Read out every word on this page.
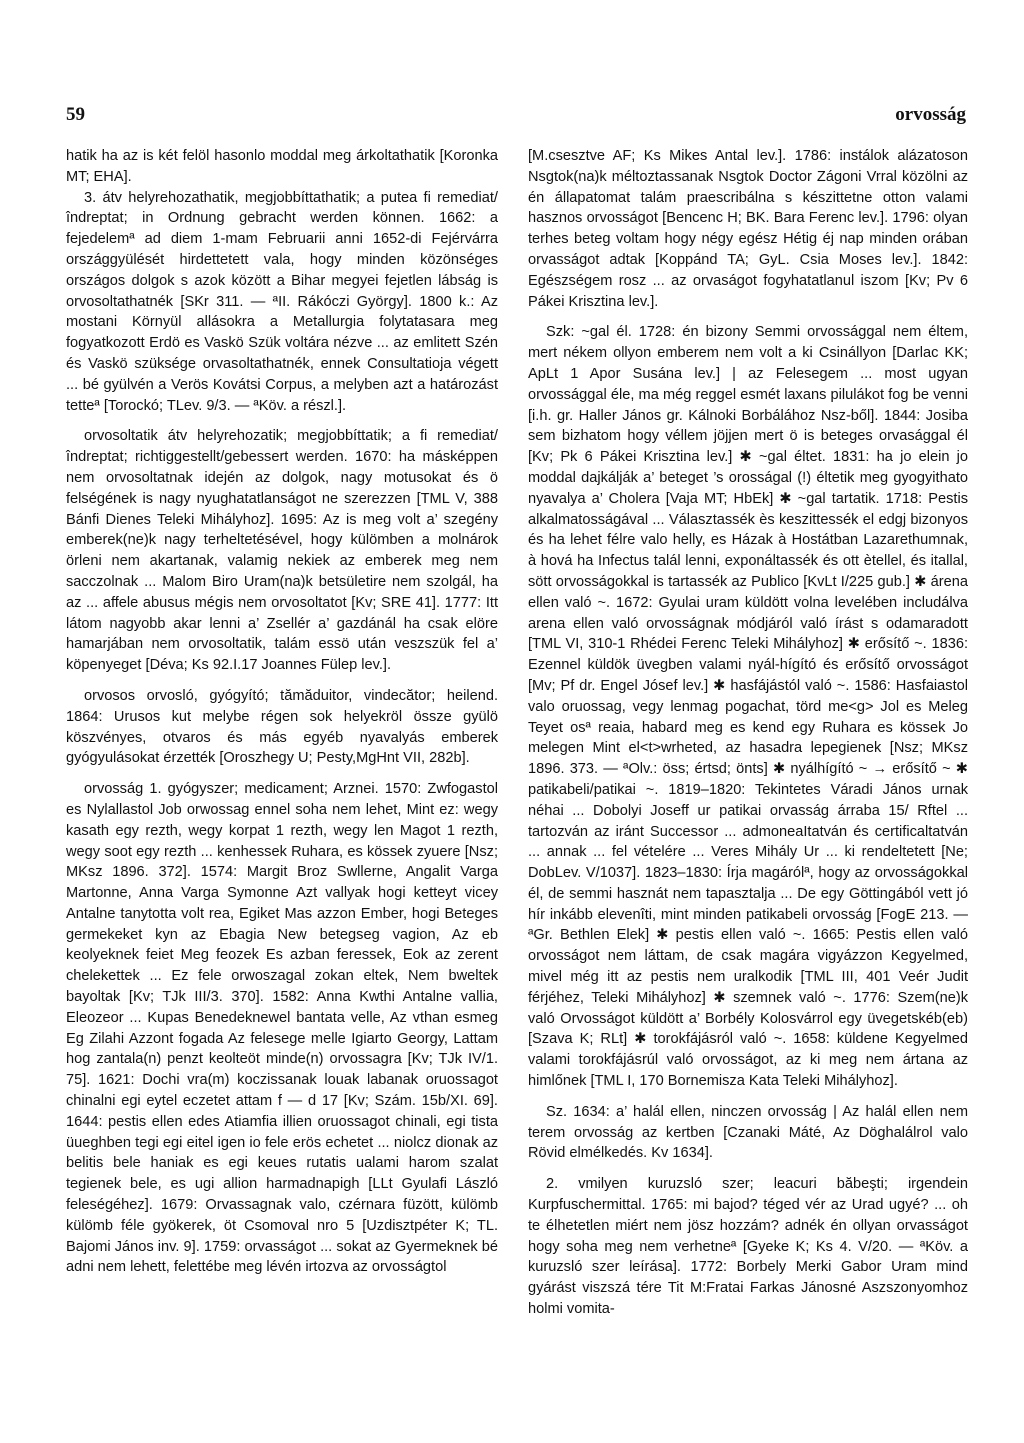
59	orvosság

hatik ha az is két felöl hasonlo moddal meg árkoltathatik [Koronka MT; EHA].

3. átv helyrehozathatik, megjobbíttathatik; a putea fi remediat/îndreptat; in Ordnung gebracht werden können. 1662: a fejedelemª ad diem 1-mam Februarii anni 1652-di Fejérvárra országgyülését hirdettetett vala, hogy minden közönséges országos dolgok s azok között a Bihar megyei fejetlen lábság is orvosoltathatnék [SKr 311. — ªII. Rákóczi György]. 1800 k.: Az mostani Környül allásokra a Metallurgia folytatasara meg fogyatkozott Erdö es Vaskö Szük voltára nézve ... az emlitett Szén és Vaskö szüksége orvasoltathatnék, ennek Consultatioja végett ... bé gyülvén a Verös Kovátsi Corpus, a melyben azt a határozást tetteª [Torockó; TLev. 9/3. — ªKöv. a részl.].

orvosoltatik átv helyrehozatik; megjobbíttatik; a fi remediat/îndreptat; richtiggestellt/gebessert werden. 1670: ha másképpen nem orvosoltatnak idején az dolgok, nagy motusokat és ö felségének is nagy nyughatatlanságot ne szerezzen [TML V, 388 Bánfi Dienes Teleki Mihályhoz]. 1695: Az is meg volt a’ szegény emberek(ne)k nagy terheltetésével, hogy külömben a molnárok örleni nem akartanak, valamig nekiek az emberek meg nem sacczolnak ... Malom Biro Uram(na)k betsületire nem szolgál, ha az ... affele abusus mégis nem orvosoltatot [Kv; SRE 41]. 1777: Itt látom nagyobb akar lenni a’ Zsellér a’ gazdánál ha csak elöre hamarjában nem orvosoltatik, talám essö után veszszük fel a’ köpenyeget [Déva; Ks 92.I.17 Joannes Fülep lev.].

orvosos orvosló, gyógyító; tămăduitor, vindecător; heilend. 1864: Urusos kut melybe régen sok helyekröl össze gyülö köszvényes, otvaros és más egyéb nyavalyás emberek gyógyulásokat érzették [Oroszhegy U; Pesty,MgHnt VII, 282b].

orvosság 1. gyógyszer; medicament; Arznei. 1570: Zwfogastol es Nylallastol Job orwossag ennel soha nem lehet, Mint ez: wegy kasath egy rezth, wegy korpat 1 rezth, wegy len Magot 1 rezth, wegy soot egy rezth ... kenhessek Ruhara, es kössek zyuere [Nsz; MKsz 1896. 372]. 1574: Margit Broz Swllerne, Angalit Varga Martonne, Anna Varga Symonne Azt vallyak hogi ketteyt vicey Antalne tanytotta volt rea, Egiket Mas azzon Ember, hogi Beteges germekeket kyn az Ebagia New betegseg vagion, Az eb keolyeknek feiet Meg feozek Es azban feressek, Eok az zerent chelekettek ... Ez fele orwoszagal zokan eltek, Nem bweltek bayoltak [Kv; TJk III/3. 370]. 1582: Anna Kwthi Antalne vallia, Eleozeor ... Kupas Benedeknewel bantata velle, Az vthan esmeg Eg Zilahi Azzont fogada Az felesege melle Igiarto Georgy, Lattam hog zantala(n) penzt keolteöt minde(n) orvossagra [Kv; TJk IV/1. 75]. 1621: Dochi vra(m) koczissanak louak labanak oruossagot chinalni egi eytel eczetet attam f — d 17 [Kv; Szám. 15b/XI. 69]. 1644: pestis ellen edes Atiamfia illien oruossagot chinali, egi tista üueghben tegi egi eitel igen io fele erös echetet ... niolcz dionak az belitis bele haniak es egi keues rutatis ualami harom szalat tegienek bele, es ugi allion harmadnapigh [LLt Gyulafi László feleségéhez]. 1679: Orvassagnak valo, czérnara füzött, külömb külömb féle gyökerek, öt Csomoval nro 5 [Uzdisztpéter K; TL. Bajomi János inv. 9]. 1759: orvasságot ... sokat az Gyermeknek bé adni nem lehett, felettébe meg lévén irtozva az orvosságtol

[M.csesztve AF; Ks Mikes Antal lev.]. 1786: instálok alázatoson Nsgtok(na)k méltoztassanak Nsgtok Doctor Zágoni Vrral közölni az én állapatomat talám praescribálna s készittetne otton valami hasznos orvosságot [Bencenc H; BK. Bara Ferenc lev.]. 1796: olyan terhes beteg voltam hogy négy egész Hétig éj nap minden orában orvasságot adtak [Koppánd TA; GyL. Csia Moses lev.]. 1842: Egészségem rosz ... az orvaságot fogyhatatlanul iszom [Kv; Pv 6 Pákei Krisztina lev.].

Szk: ~gal él. 1728: én bizony Semmi orvossággal nem éltem, mert nékem ollyon emberem nem volt a ki Csinállyon [Darlac KK; ApLt 1 Apor Susána lev.] | az Felesegem ... most ugyan orvossággal éle, ma még reggel esmét laxans pilulákot fog be venni [i.h. gr. Haller János gr. Kálnoki Borbálához Nsz-ből]. 1844: Josiba sem bizhatom hogy véllem jöjjen mert ö is beteges orvasággal él [Kv; Pk 6 Pákei Krisztina lev.] ✱ ~gal éltet. 1831: ha jo elein jo moddal dajkálják a’ beteget ’s orosságal (!) éltetik meg gyogyithato nyavalya a’ Cholera [Vaja MT; HbEk] ✱ ~gal tartatik. 1718: Pestis alkalmatosságával ... Választassék ès keszittessék el edgj bizonyos és ha lehet félre valo helly, es Házak à Hostátban Lazarethumnak, à hová ha Infectus talál lenni, exponáltassék és ott ètellel, és itallal, sött orvosságokkal is tartassék az Publico [KvLt I/225 gub.] ✱ árena ellen való ~. 1672: Gyulai uram küldött volna levelében includálva arena ellen való orvosságnak módjáról való írást s odamaradott [TML VI, 310-1 Rhédei Ferenc Teleki Mihályhoz] ✱ erősítő ~. 1836: Ezennel küldök üvegben valami nyál-hígító és erősítő orvosságot [Mv; Pf dr. Engel Jósef lev.] ✱ hasfájástól való ~. 1586: Hasfaiastol valo oruossag, vegy lenmag pogachat, törd me<g> Jol es Meleg Teyet osª reaia, habard meg es kend egy Ruhara es kössek Jo melegen Mint el<t>wrheted, az hasadra lepegienek [Nsz; MKsz 1896. 373. — ªOlv.: öss; értsd; önts] ✱ nyálhígító ~ → erősítő ~ ✱ patikabeli/patikai ~. 1819–1820: Tekintetes Váradi János urnak néhai ... Dobolyi Joseff ur patikai orvasság árraba 15/ Rftel ... tartozván az iránt Successor ... admoneaItatván és certificaltatván ... annak ... fel vételére ... Veres Mihály Ur ... ki rendeltetett [Ne; DobLev. V/1037]. 1823–1830: Írja magárólª, hogy az orvosságokkal él, de semmi hasznát nem tapasztalja ... De egy Göttingából vett jó hír inkább elevenîti, mint minden patikabeli orvosság [FogE 213. — ªGr. Bethlen Elek] ✱ pestis ellen való ~. 1665: Pestis ellen való orvosságot nem láttam, de csak magára vigyázzon Kegyelmed, mivel még itt az pestis nem uralkodik [TML III, 401 Veér Judit férjéhez, Teleki Mihályhoz] ✱ szemnek való ~. 1776: Szem(ne)k való Orvosságot küldött a’ Borbély Kolosvárrol egy üvegetskéb(eb) [Szava K; RLt] ✱ torokfájásról való ~. 1658: küldene Kegyelmed valami torokfájásrúl való orvosságot, az ki meg nem ártana az himlőnek [TML I, 170 Bornemisza Kata Teleki Mihályhoz].

Sz. 1634: a’ halál ellen, ninczen orvosság | Az halál ellen nem terem orvosság az kertben [Czanaki Máté, Az Döghalálrol valo Rövid elmélkedés. Kv 1634].

2. vmilyen kuruzsló szer; leacuri băbeşti; irgendein Kurpfuschermittal. 1765: mi bajod? téged vér az Urad ugyé? ... oh te élhetetlen miért nem jösz hozzám? adnék én ollyan orvasságot hogy soha meg nem verhetneª [Gyeke K; Ks 4. V/20. — ªKöv. a kuruzsló szer leírása]. 1772: Borbely Merki Gabor Uram mind gyárást viszszá tére Tit M:Fratai Farkas Jánosné Aszszonyomhoz holmi vomita-
